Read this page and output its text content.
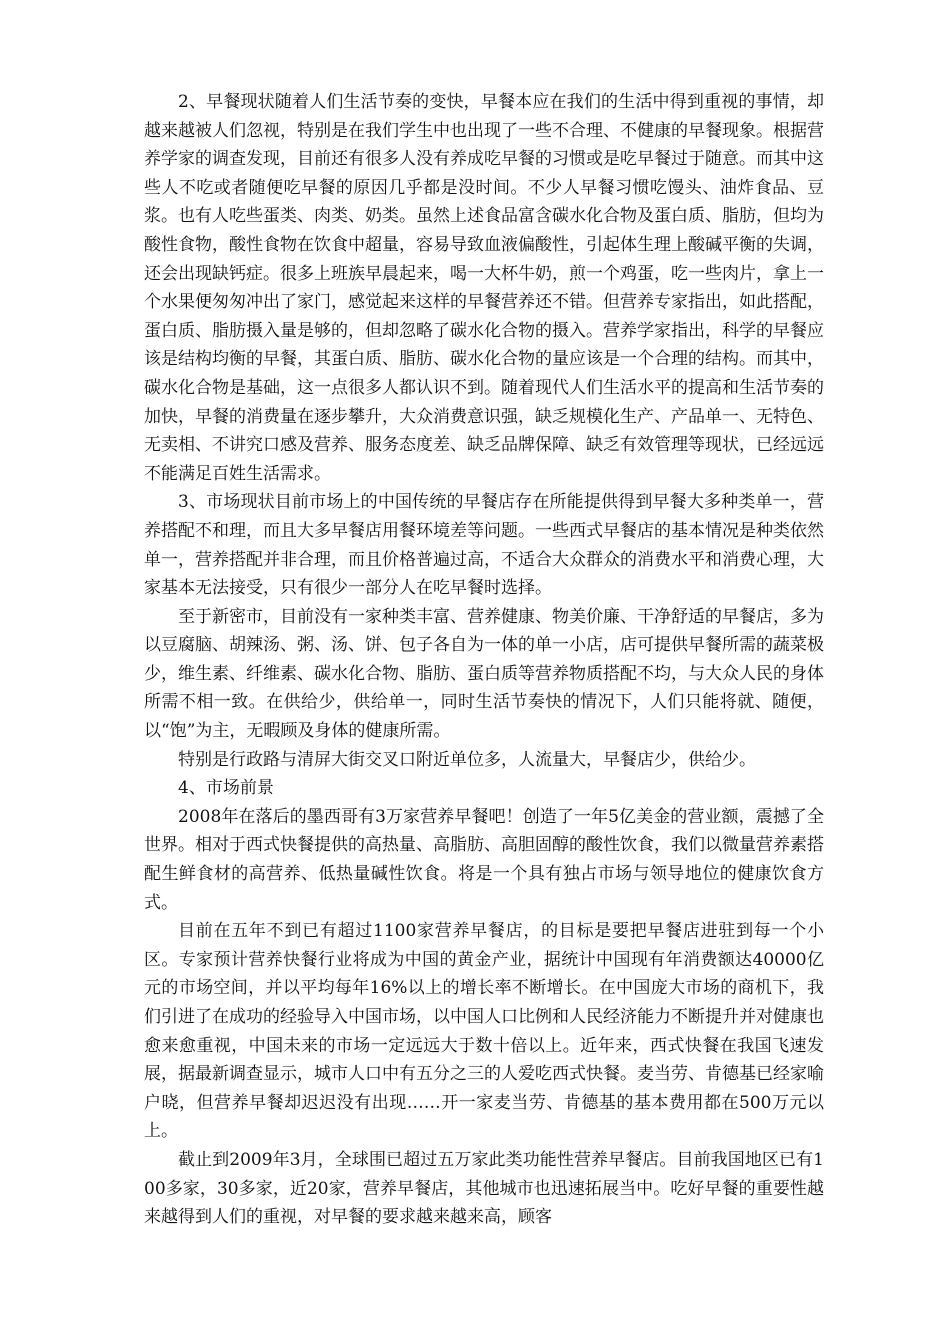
2、早餐现状随着人们生活节奏的变快，早餐本应在我们的生活中得到重视的事情，却越来越被人们忽视，特别是在我们学生中也出现了一些不合理、不健康的早餐现象。根据营养学家的调查发现，目前还有很多人没有养成吃早餐的习惯或是吃早餐过于随意。而其中这些人不吃或者随便吃早餐的原因几乎都是没时间。不少人早餐习惯吃馒头、油炸食品、豆浆。也有人吃些蛋类、肉类、奶类。虽然上述食品富含碳水化合物及蛋白质、脂肪，但均为酸性食物，酸性食物在饮食中超量，容易导致血液偏酸性，引起体生理上酸碱平衡的失调，还会出现缺钙症。很多上班族早晨起来，喝一大杯牛奶，煎一个鸡蛋，吃一些肉片，拿上一个水果便匆匆冲出了家门，感觉起来这样的早餐营养还不错。但营养专家指出，如此搭配，蛋白质、脂肪摄入量是够的，但却忽略了碳水化合物的摄入。营养学家指出，科学的早餐应该是结构均衡的早餐，其蛋白质、脂肪、碳水化合物的量应该是一个合理的结构。而其中，碳水化合物是基础，这一点很多人都认识不到。随着现代人们生活水平的提高和生活节奏的加快，早餐的消费量在逐步攀升，大众消费意识强，缺乏规模化生产、产品单一、无特色、无卖相、不讲究口感及营养、服务态度差、缺乏品牌保障、缺乏有效管理等现状，已经远远不能满足百姓生活需求。

3、市场现状目前市场上的中国传统的早餐店存在所能提供得到早餐大多种类单一，营养搭配不和理，而且大多早餐店用餐环境差等问题。一些西式早餐店的基本情况是种类依然单一，营养搭配并非合理，而且价格普遍过高，不适合大众群众的消费水平和消费心理，大家基本无法接受，只有很少一部分人在吃早餐时选择。

至于新密市，目前没有一家种类丰富、营养健康、物美价廉、干净舒适的早餐店，多为以豆腐脑、胡辣汤、粥、汤、饼、包子各自为一体的单一小店，店可提供早餐所需的蔬菜极少，维生素、纤维素、碳水化合物、脂肪、蛋白质等营养物质搭配不均，与大众人民的身体所需不相一致。在供给少，供给单一，同时生活节奏快的情况下，人们只能将就、随便，以“饱”为主，无暇顾及身体的健康所需。

特别是行政路与清屏大街交叉口附近单位多，人流量大，早餐店少，供给少。

4、市场前景

2008年在落后的墨西哥有3万家营养早餐吧！创造了一年5亿美金的营业额，震撼了全世界。相对于西式快餐提供的高热量、高脂肪、高胆固醇的酸性饮食，我们以微量营养素搭配生鲜食材的高营养、低热量碱性饮食。将是一个具有独占市场与领导地位的健康饮食方式。

目前在五年不到已有超过1100家营养早餐店，的目标是要把早餐店进驻到每一个小区。专家预计营养快餐行业将成为中国的黄金产业，据统计中国现有年消费额达40000亿元的市场空间，并以平均每年16%以上的增长率不断增长。在中国庞大市场的商机下，我们引进了在成功的经验导入中国市场，以中国人口比例和人民经济能力不断提升并对健康也愈来愈重视，中国未来的市场一定远远大于数十倍以上。近年来，西式快餐在我国飞速发展，据最新调查显示，城市人口中有五分之三的人爱吃西式快餐。麦当劳、肯德基已经家喻户晓，但营养早餐却迟迟没有出现……开一家麦当劳、肯德基的基本费用都在500万元以上。

截止到2009年3月，全球围已超过五万家此类功能性营养早餐店。目前我国地区已有100多家，30多家，近20家，营养早餐店，其他城市也迅速拓展当中。吃好早餐的重要性越来越得到人们的重视，对早餐的要求越来越来高，顾客
